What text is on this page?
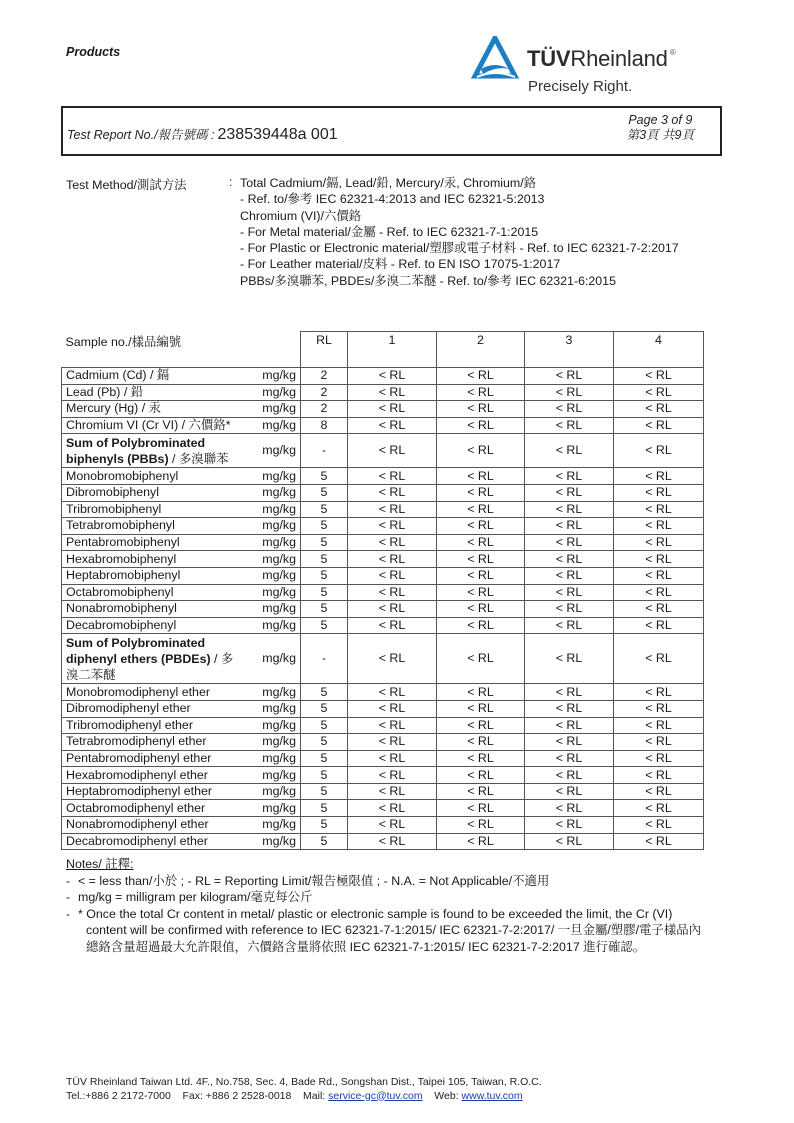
Products	TÜVRheinland ®
Precisely Right.
Test Report No./報告號碼 : 238539448a 001
Page 3 of 9
第3頁 共9頁
Test Method/測試方法	: Total Cadmium/鎘, Lead/鉛, Mercury/汞, Chromium/鉻
- Ref. to/參考 IEC 62321-4:2013 and IEC 62321-5:2013
Chromium (VI)/六價鉻
- For Metal material/金屬 - Ref. to IEC 62321-7-1:2015
- For Plastic or Electronic material/塑膠或電子材料 - Ref. to IEC 62321-7-2:2017
- For Leather material/皮料 - Ref. to EN ISO 17075-1:2017
PBBs/多溴聯苯, PBDEs/多溴二苯醚 - Ref. to/參考 IEC 62321-6:2015
Sample no./樣品編號		RL	1	2	3	4
Cadmium (Cd) / 鎘	mg/kg	2	< RL	< RL	< RL	< RL
Lead (Pb) / 鉛	mg/kg	2	< RL	< RL	< RL	< RL
Mercury (Hg) / 汞	mg/kg	2	< RL	< RL	< RL	< RL
Chromium VI (Cr VI) / 六價鉻*	mg/kg	8	< RL	< RL	< RL	< RL
Sum of Polybrominated biphenyls (PBBs) / 多溴聯苯	mg/kg	-	< RL	< RL	< RL	< RL
Monobromobiphenyl	mg/kg	5	< RL	< RL	< RL	< RL
Dibromobiphenyl	mg/kg	5	< RL	< RL	< RL	< RL
Tribromobiphenyl	mg/kg	5	< RL	< RL	< RL	< RL
Tetrabromobiphenyl	mg/kg	5	< RL	< RL	< RL	< RL
Pentabromobiphenyl	mg/kg	5	< RL	< RL	< RL	< RL
Hexabromobiphenyl	mg/kg	5	< RL	< RL	< RL	< RL
Heptabromobiphenyl	mg/kg	5	< RL	< RL	< RL	< RL
Octabromobiphenyl	mg/kg	5	< RL	< RL	< RL	< RL
Nonabromobiphenyl	mg/kg	5	< RL	< RL	< RL	< RL
Decabromobiphenyl	mg/kg	5	< RL	< RL	< RL	< RL
Sum of Polybrominated diphenyl ethers (PBDEs) / 多溴二苯醚	mg/kg	-	< RL	< RL	< RL	< RL
Monobromodiphenyl ether	mg/kg	5	< RL	< RL	< RL	< RL
Dibromodiphenyl ether	mg/kg	5	< RL	< RL	< RL	< RL
Tribromodiphenyl ether	mg/kg	5	< RL	< RL	< RL	< RL
Tetrabromodiphenyl ether	mg/kg	5	< RL	< RL	< RL	< RL
Pentabromodiphenyl ether	mg/kg	5	< RL	< RL	< RL	< RL
Hexabromodiphenyl ether	mg/kg	5	< RL	< RL	< RL	< RL
Heptabromodiphenyl ether	mg/kg	5	< RL	< RL	< RL	< RL
Octabromodiphenyl ether	mg/kg	5	< RL	< RL	< RL	< RL
Nonabromodiphenyl ether	mg/kg	5	< RL	< RL	< RL	< RL
Decabromodiphenyl ether	mg/kg	5	< RL	< RL	< RL	< RL
Notes/ 註釋:
- < = less than/小於 ; - RL = Reporting Limit/報告極限值 ; - N.A. = Not Applicable/不適用
- mg/kg = milligram per kilogram/毫克每公斤
- * Once the total Cr content in metal/ plastic or electronic sample is found to be exceeded the limit, the Cr (VI)
content will be confirmed with reference to IEC 62321-7-1:2015/ IEC 62321-7-2:2017/ 一旦金屬/塑膠/電子樣品內
總鉻含量超過最大允許限值，六價鉻含量將依照 IEC 62321-7-1:2015/ IEC 62321-7-2:2017 進行確認。
TÜV Rheinland Taiwan Ltd. 4F., No.758, Sec. 4, Bade Rd., Songshan Dist., Taipei 105, Taiwan, R.O.C.
Tel.:+886 2 2172-7000 Fax: +886 2 2528-0018 Mail: service-gc@tuv.com Web: www.tuv.com
